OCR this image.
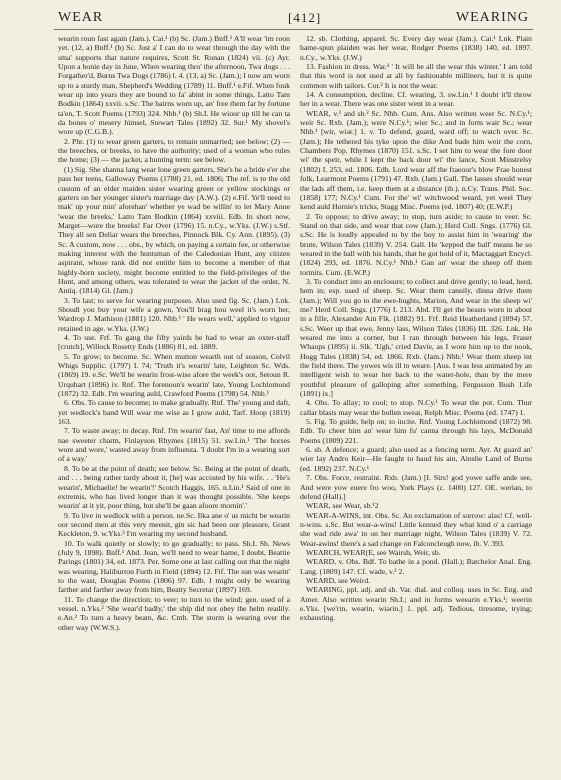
WEAR	[412]	WEARING

wearin roun fast again (Jam.). Cai.¹ (b) Sc. (Jam.) Bnff.¹ A'll wear 'im roon yet. (12, a) Bnff.¹ (b) Sc. Just a' I can do to wear through the day with the sma' supports that nature requires, Scott St. Ronan (1824) vii. (c) Ayr. Upon a bonie day in June, When wearing thro' the afternoon, Twa dogs . . . Forgather'd, Burns Twa Dogs (1786) l. 4. (13, a) Sc. (Jam.); I now am worn up to a sturdy man, Shepherd's Wedding (1789) 11. Bnff.¹ e.Fif. When fouk wear up into years they are bound to fa' abint in some things, Latto Tam Bodkin (1864) xxvii. s.Sc. The bairns worn up, an' free them far by fortune ta'en, T. Scott Poems (1793) 324. Nhb.¹ (b) Sh.I. He wiour up till he can ta da bones o' mesery himsel, Stewart Tales (1892) 32. Sur.¹ My shovel's wore up (C.G.B.).

2. Phr. (1) to wear green garters, to remain unmarried; see below; (2) — the breeches, or breeks, to have the authority; used of a woman who rules the home; (3) — the jacket, a hunting term: see below.

(1) Sig. She shanna lang wear lone green garters, She's be a bride e'er she pass her teens, Galloway Poems (1788) 21, ed. 1806; The ref. is to the old custom of an elder maiden sister wearing green or yellow stockings or garters on her younger sister's marriage day (A.W.). (2) e.Fif. Ye'll need to mak' up your min' aforehan' whether ye wad be willin' to let Mary Anne 'wear the breeks,' Latto Tam Bodkin (1864) xxviii. Edb. In short now, Marget—wure the breeks! Far Over (1796) 15. n.Cy., w.Yks. (J.W.) s.Stf. They all sen Deliar wears the breeches, Pinnock Blk. Cy. Ann. (1895). (3) Sc. A custom, now . . . obs., by which, on paying a certain fee, or otherwise making interest with the huntsman of the Caledonian Hunt, any citizen aspirant, whose rank did not entitle him to become a member of that highly-born society, might become entitled to the field-privileges of the Hunt, and among others, was tolerated to wear the jacket of the order, N. Antiq. (1814) Gl. (Jam.)

3. To last; to serve for wearing purposes. Also used fig. Sc. (Jam.) Lnk. Shoudl you buy your wife a gown, You'll brag hou weel it's worn her, Wardrop J. Mathison (1881) 120. Nhb.¹ ' He wears well,' applied to vigour retained in age. w.Yks. (J.W.)

4. To use. Frf. To gang the fifty yairds he had to wear an oxter-staff [crutch], Willock Rosetty Ends (1886) 81, ed. 1889.

5. To grow; to become. Sc. When mutton wearth out of season, Colvil Whigs Supplic. (1797) I. 74; 'Truth it's wearin' late, Leighton Sc. Wds. (1869) 19. e.Sc. We'll be wearin frost-wise afore the week's oot, Setoun R. Urquhart (1896) iv. Rnf. The forenoon's wearin' late, Young Lochlomond (1872) 32. Edb. I'm wearing auld, Crawford Poems (1798) 54. Nhb.¹

6. Obs. To cause to become; to make gradually. Rnf. The' young and daft, yet wedlock's band Will wear me wise as I grow auld, Tarf. Hoop (1819) 163.

7. To waste away; to decay. Rnf. I'm wearin' fast, An' time to me affords nae sweeter charm, Finlayson Rhymes (1815) 51. sw.Lin.¹ 'The horses wore and wore,' wasted away from influenza. 'I doubt I'm in a wearing sort of a way.'

8. To be at the point of death; see below. Sc. Being at the point of death, and . . . being rather tardy about it, [he] was accosted by his wife. . . 'He's wearin', Michaelie! be wearin'!' Scotch Haggis, 165. n.Lin.¹ Said of one in extremis, who has lived longer than it was thought possible. 'She keeps wearin' at it yit, poor thing, but she'll be gaan afoore mornin'.'

9. To live in wedlock with a person. ne.Sc. Ilka ane o' us micht be wearin oor second men at this very meenit, gin sic had been our pleasure, Grant Keckleton, 9. w.Yks.² I'm wearing my second husband.

10. To walk quietly or slowly; to go gradually; to pass. Sh.I. Sh. News (July 9, 1898). Bnff.¹ Abd. Jean, we'll need to wear hame, I doubt, Beattie Parings (1801) 34, ed. 1873. Per. Some one at last calling out that the night was wearing, Haliburton Furth in Field (1894) 12. Fif. The sun was wearin' to the wast, Douglas Poems (1806) 97. Edb. I might only be wearing farther and farther away from him, Beatty Secretar (1897) 169.

11. To change the direction; to veer; to turn to the wind; gen. used of a vessel. n.Yks.² 'She wear'd badly,' the ship did not obey the helm readily. e.An.² To turn a heavy beam, &c. Cmb. The storm is wearing over the other way (W.W.S.).

12. sb. Clothing, apparel. Sc. Every day wear (Jam.). Cai.¹ Lnk. Plain hame-spun plaiden was her wear, Rodger Poems (1838) 140, ed. 1897. n.Cy., w.Yks. (J.W.)

13. Fashion in dress. War.³ ' It will be all the wear this winter.' I am told that this word is not used at all by fashionable milliners, but it is quite common with tailors. Cor.² It is not the wear.

14. A consumption, decline. Cf. wearing, 3. sw.Lin.¹ I doubt it'll throw her in a wear. There was one sister went in a wear.

WEAR, v.² and sb.² Sc. Nhb. Cum. Ans. Also written weer Sc. N.Cy.¹; weir Sc. Rxb. (Jam.); were N.Cy.¹; wier Sc.; and in form wair Sc.; wear Nhb.¹ [wir, wiər.] 1. v. To defend, guard, ward off; to watch over. Sc. (Jam.); He tethered his tyke upon the dike And bade him weir the corn, Chambers Pop. Rhymes (1870) 151. s.Sc. I set him to wear the fore door wi' the speir, while I kept the back door wi' the lance, Scott Minstrelsy (1802) I. 253, ed. 1806. Edb. Lord wear aff the fraeour's blow Frae honest folk, Learmont Poems (1791) 47. Rxb. (Jam.) Gall. The lasses should wear the lads aff them, i.e. keep them at a distance (ib.). n.Cy. Trans. Phil. Soc. (1858) 177; N.Cy.¹ Cum. For the' wi' witchwood weard, yet weel They kend auld Hornie's tricks, Stagg Misc. Poems (ed. 1807) 40; (E.W.P.)

2. To oppose; to drive away; to stop, turn aside; to cause to veer. Sc. Stand on that side, and wear that cow (Jam.); Herd Coll. Sngs. (1776) Gl. s.Sc. He is loudly appealed to by the boy to assist him in 'wearing' the brute, Wilson Tales (1839) V. 254. Gall. He 'kepped the ball' means he so weared in the ball with his hands, that he got hold of it, Mactaggart Encycl. (1824) 293, ed. 1876. N.Cy.¹ Nhb.¹ Gan an' wear the sheep off them tormits. Cum. (E.W.P.)

3. To conduct into an enclosure; to collect and drive gently; to lead, herd, hem in; esp. used of sheep. Sc. Wear them cannily, dinna drive them (Jam.); Will you go to the ewe-bughts, Marion, And wear in the sheep wi' me? Herd Coll. Sngs. (1776) I. 213. Abd. I'll get the beasts worn in about in a fille, Alexander Ain Flk. (1882) 91. Frf. Reid Heatherland (1894) 57. s.Sc. Weer up that ewe, Jenny lass, Wilson Tales (1836) III. 326. Lnk. He weared me into a corner, but I ran through between his legs, Fraser Whaups (1895) ii. Slk. 'Ugh,' cried Davie, as I wore him up to the nook, Hogg Tales (1838) 54, ed. 1866. Rxb. (Jam.) Nhb.¹ Wear them sheep int the field there. The yowes wis ill to weare. [Aus. I was less animated by an intelligent wish to wear her back to the water-hole, than by the mere youthful pleasure of galloping after something, Fergusson Bush Life (1891) ix.]

4. Obs. To allay; to cool; to stop. N.Cy.¹ To wear the pot. Cum. Thur callar blasts may wear the bollen sweat, Relph Misc. Poems (ed. 1747) 1.

5. Fig. To guide, help on; to incite. Rnf. Young Lochlomond (1872) 98. Edb. To cheer him an' wear him fu' canna through his lays, McDonald Poems (1809) 221.

6. sb. A defence; a guard; also used as a fencing term. Ayr. At guard an' wier lay Andro Keir—He faught to haud his ain, Ainslie Land of Burns (ed. 1892) 237. N.Cy.¹

7. Obs. Force, restraint. Rxb. (Jam.) [I. Sirs! god yowe saffe ande see, And were yow euere fro woo, York Plays (c. 1400) 127. OE. werian, to defend (Hall).]

WEAR, see Wear, sb.¹2

WEAR-A-WINS, int. Obs. Sc. An exclamation of sorrow: alas! Cf. well-n-wins. s.Sc. But wear-a-wins! Little kenned they what kind o' a carriage she wad ride awa' in on her marriage night, Wilson Tales (1839) V. 72. Wear-awins! there's a sad change on Falconcleugh now, ib. V. 393.

WEARCH, WEAR(E, see Wairsh, Weir, sb.

WEARD, v. Obs. Bdf. To bathe in a pond. (Hall.); Batchelor Anal. Eng. Lang. (1809) 147. Cf. wade, v.² 2.

WEARD, see Weird.

WEARING, ppl. adj. and sb. Var. dial. and colloq. uses in Sc. Eng. and Amer. Also written wearin Sh.I.; and in forms weearin e.Yks.¹; weerin e.Yks. [we'rin, weərin, wiərin.] 1. ppl. adj. Tedious, tiresome, trying; exhausting.
